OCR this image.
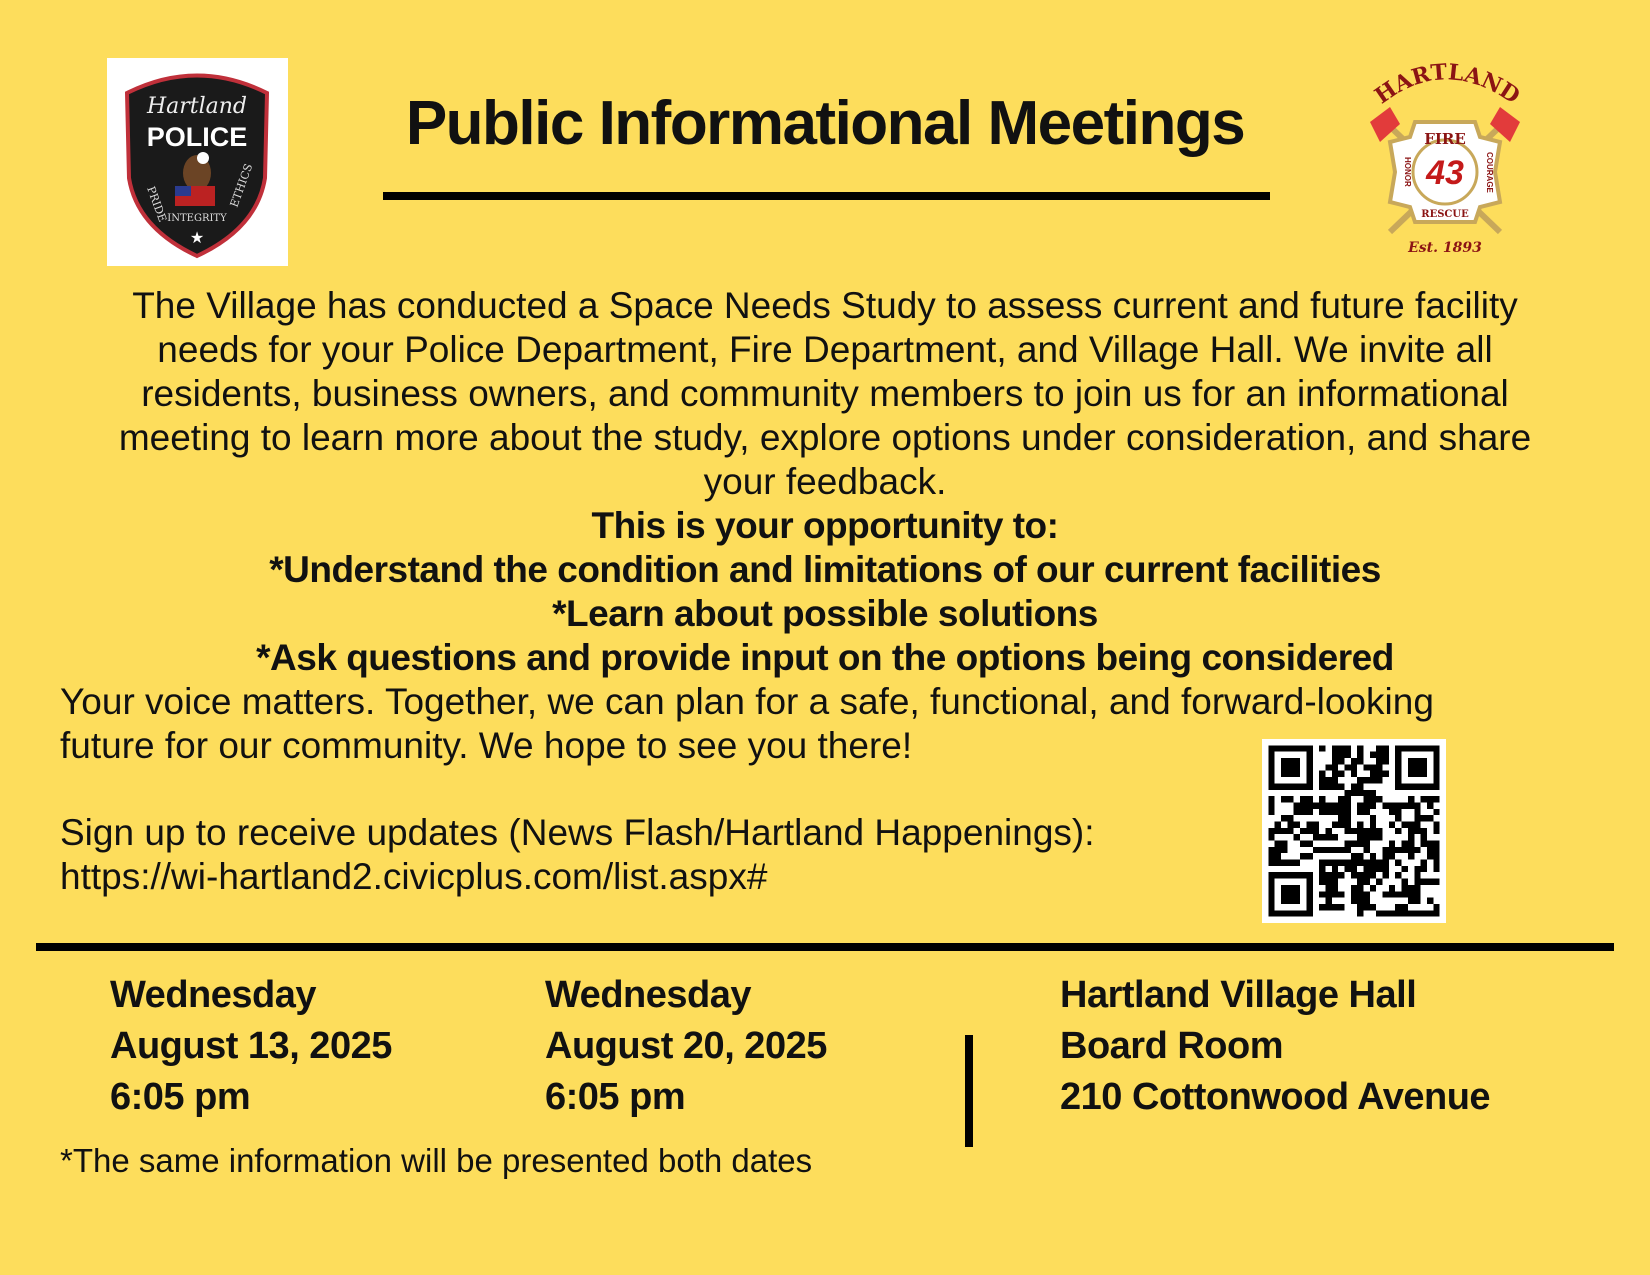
Hartland
POLICE
PRIDE	ETHICS
INTEGRITY
★
Public Informational Meetings	HARTLAND
FIRE
43
RESCUE
HONOR	COURAGE
Est. 1893
The Village has conducted a Space Needs Study to assess current and future facility
needs for your Police Department, Fire Department, and Village Hall. We invite all
residents, business owners, and community members to join us for an informational
meeting to learn more about the study, explore options under consideration, and share
your feedback.
This is your opportunity to:
*Understand the condition and limitations of our current facilities
*Learn about possible solutions
*Ask questions and provide input on the options being considered
Your voice matters. Together, we can plan for a safe, functional, and forward-looking
future for our community. We hope to see you there!
Sign up to receive updates (News Flash/Hartland Happenings):
https://wi-hartland2.civicplus.com/list.aspx#
Wednesday
August 13, 2025
6:05 pm
Wednesday
August 20, 2025
6:05 pm
Hartland Village Hall
Board Room
210 Cottonwood Avenue
*The same information will be presented both dates
